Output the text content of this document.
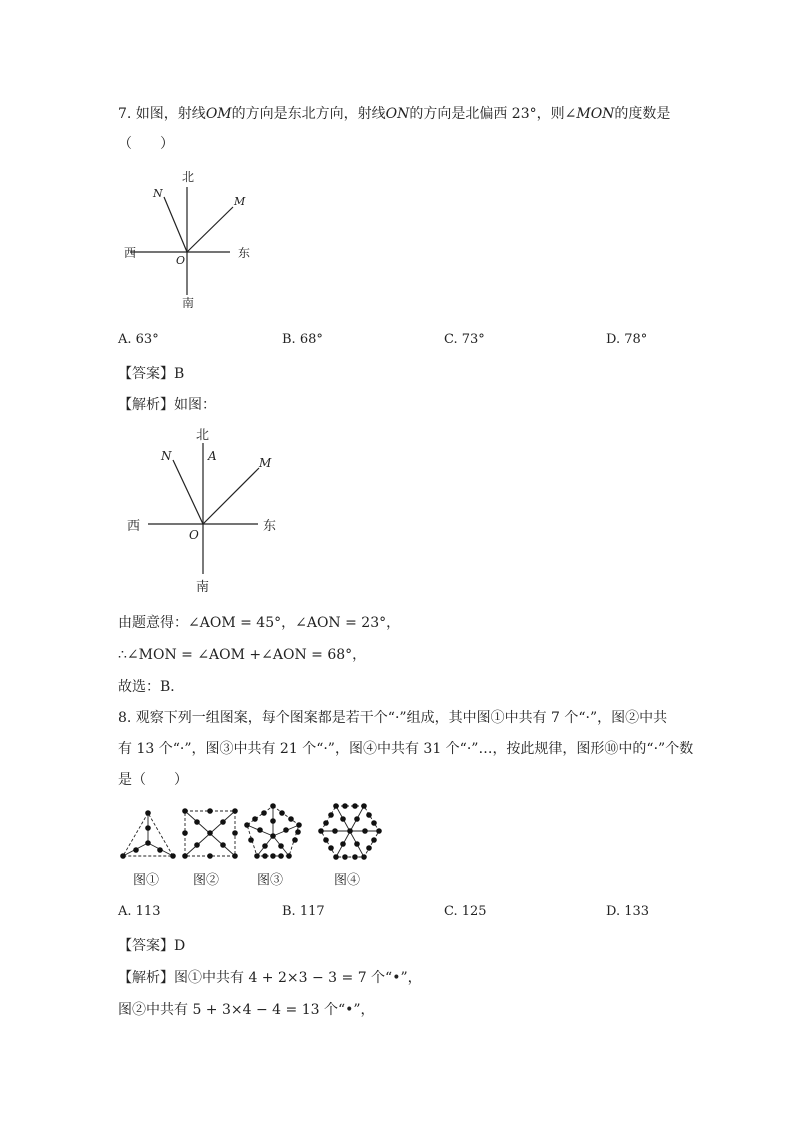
7. 如图，射线OM的方向是东北方向，射线ON的方向是北偏西 23°，则∠MON的度数是
（　　）
北
南
西	东
N
M
O
A. 63°	B. 68°	C. 73°	D. 78°
【答案】B
【解析】如图：
北
南
西	东
N	A	M
O
由题意得：∠AOM = 45°，∠AON = 23°，
∴∠MON = ∠AOM +∠AON = 68°，
故选：B．
8. 观察下列一组图案，每个图案都是若干个“·”组成，其中图①中共有 7 个“·”，图②中共
有 13 个“·”，图③中共有 21 个“·”，图④中共有 31 个“·”…，按此规律，图形⑩中的“·”个数
是（　　）
图①	图②	图③	图④
A. 113	B. 117	C. 125	D. 133
【答案】D
【解析】图①中共有 4 + 2×3 − 3 = 7 个“•”，
图②中共有 5 + 3×4 − 4 = 13 个“•”，
